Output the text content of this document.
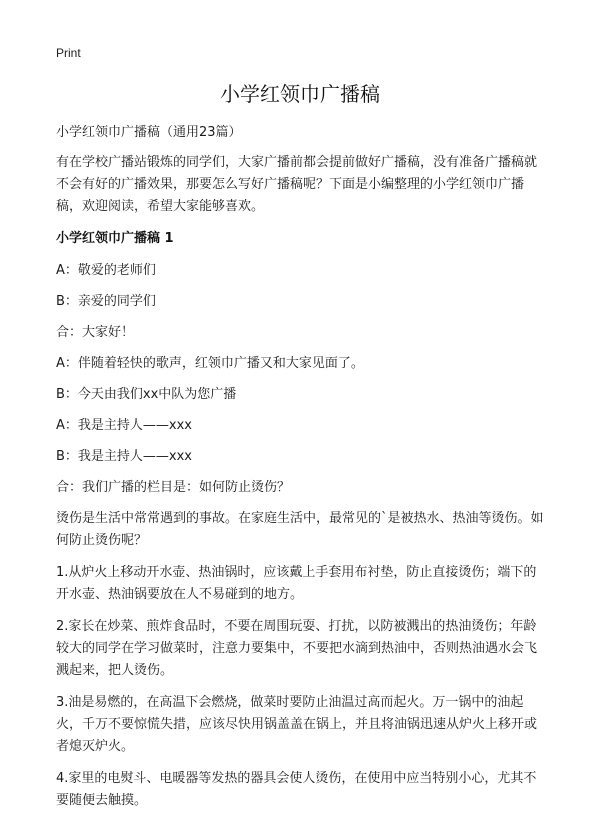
Print
小学红领巾广播稿

小学红领巾广播稿（通用23篇）

有在学校广播站锻炼的同学们，大家广播前都会提前做好广播稿，没有准备广播稿就不会有好的广播效果，那要怎么写好广播稿呢？下面是小编整理的小学红领巾广播稿，欢迎阅读，希望大家能够喜欢。

小学红领巾广播稿 1
A：敬爱的老师们
B：亲爱的同学们
合：大家好！
A：伴随着轻快的歌声，红领巾广播又和大家见面了。
B：今天由我们xx中队为您广播
A：我是主持人——xxx
B：我是主持人——xxx
合：我们广播的栏目是：如何防止烫伤？

烫伤是生活中常常遇到的事故。在家庭生活中，最常见的`是被热水、热油等烫伤。如何防止烫伤呢？

1.从炉火上移动开水壶、热油锅时，应该戴上手套用布衬垫，防止直接烫伤；端下的开水壶、热油锅要放在人不易碰到的地方。

2.家长在炒菜、煎炸食品时，不要在周围玩耍、打扰，以防被溅出的热油烫伤；年龄较大的同学在学习做菜时，注意力要集中，不要把水滴到热油中，否则热油遇水会飞溅起来，把人烫伤。

3.油是易燃的，在高温下会燃烧，做菜时要防止油温过高而起火。万一锅中的油起火，千万不要惊慌失措，应该尽快用锅盖盖在锅上，并且将油锅迅速从炉火上移开或者熄灭炉火。

4.家里的电熨斗、电暖器等发热的器具会使人烫伤，在使用中应当特别小心，尤其不要随便去触摸。
